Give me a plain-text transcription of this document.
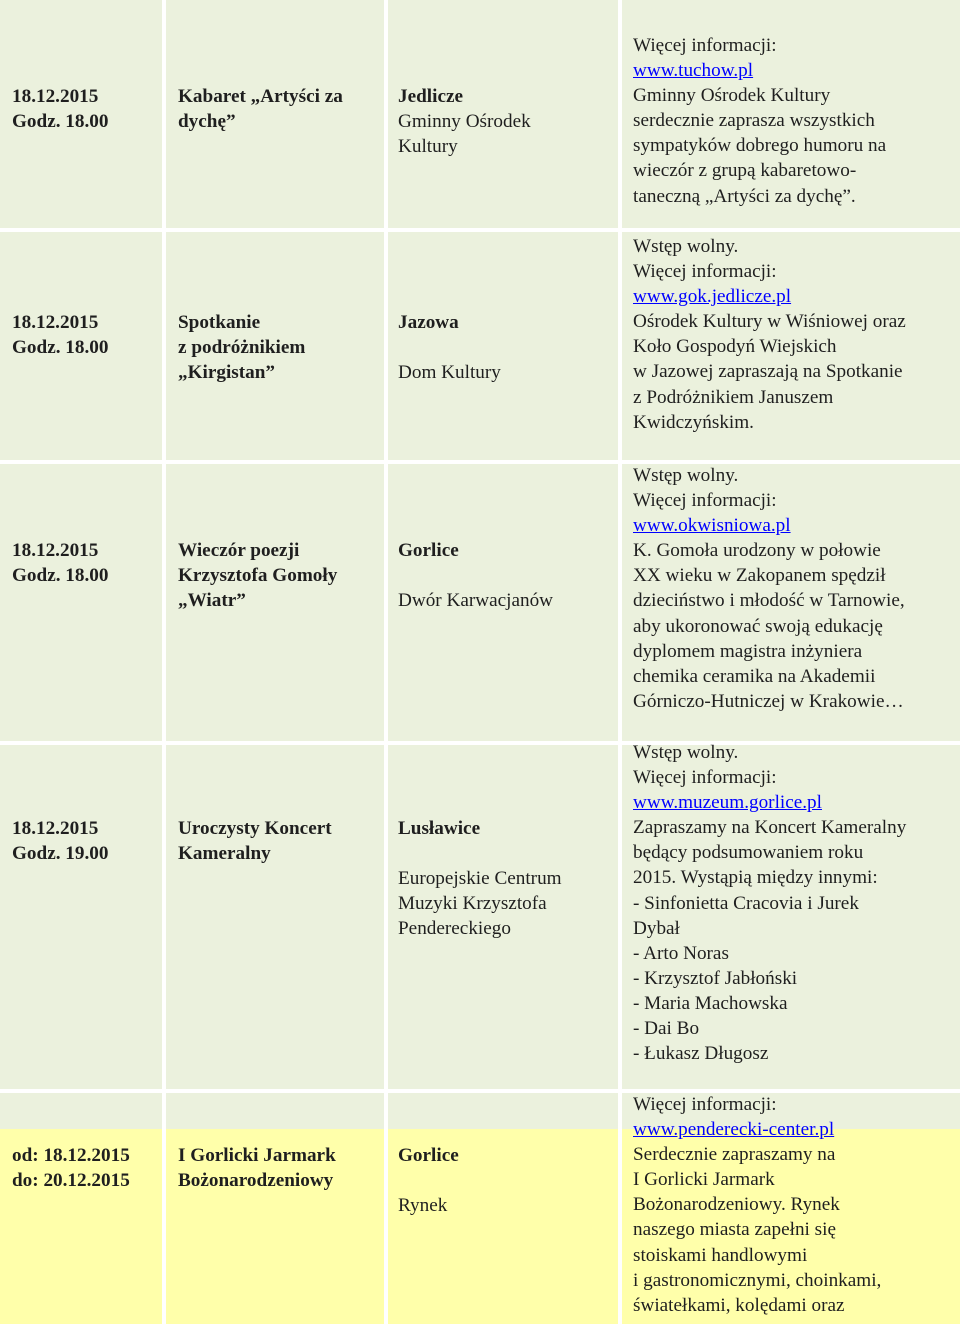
18.12.2015
Godz. 18.00
Kabaret „Artyści za
dychę”
Jedlicze
Gminny Ośrodek
Kultury
Więcej informacji:
www.tuchow.pl
Gminny Ośrodek Kultury
serdecznie zaprasza wszystkich
sympatyków dobrego humoru na
wieczór z grupą kabaretowo-
taneczną „Artyści za dychę”.
18.12.2015
Godz. 18.00
Spotkanie
z podróżnikiem
„Kirgistan”
Jazowa
Dom Kultury
Wstęp wolny.
Więcej informacji:
www.gok.jedlicze.pl
Ośrodek Kultury w Wiśniowej oraz
Koło Gospodyń Wiejskich
w Jazowej zapraszają na Spotkanie
z Podróżnikiem Januszem
Kwidczyńskim.
18.12.2015
Godz. 18.00
Wieczór poezji
Krzysztofa Gomoły
„Wiatr”
Gorlice
Dwór Karwacjanów
Wstęp wolny.
Więcej informacji:
www.okwisniowa.pl
K. Gomoła urodzony w połowie
XX wieku w Zakopanem spędził
dzieciństwo i młodość w Tarnowie,
aby ukoronować swoją edukację
dyplomem magistra inżyniera
chemika ceramika na Akademii
Górniczo-Hutniczej w Krakowie…
18.12.2015
Godz. 19.00
Uroczysty Koncert
Kameralny
Lusławice
Europejskie Centrum
Muzyki Krzysztofa
Pendereckiego
Wstęp wolny.
Więcej informacji:
www.muzeum.gorlice.pl
Zapraszamy na Koncert Kameralny
będący podsumowaniem roku
2015. Wystąpią między innymi:
- Sinfonietta Cracovia i Jurek
Dybał
- Arto Noras
- Krzysztof Jabłoński
- Maria Machowska
- Dai Bo
- Łukasz Długosz
od: 18.12.2015
do: 20.12.2015
I Gorlicki Jarmark
Bożonarodzeniowy
Gorlice
Rynek
Więcej informacji:
www.penderecki-center.pl
Serdecznie zapraszamy na
I Gorlicki Jarmark
Bożonarodzeniowy. Rynek
naszego miasta zapełni się
stoiskami handlowymi
i gastronomicznymi, choinkami,
światełkami, kolędami oraz
